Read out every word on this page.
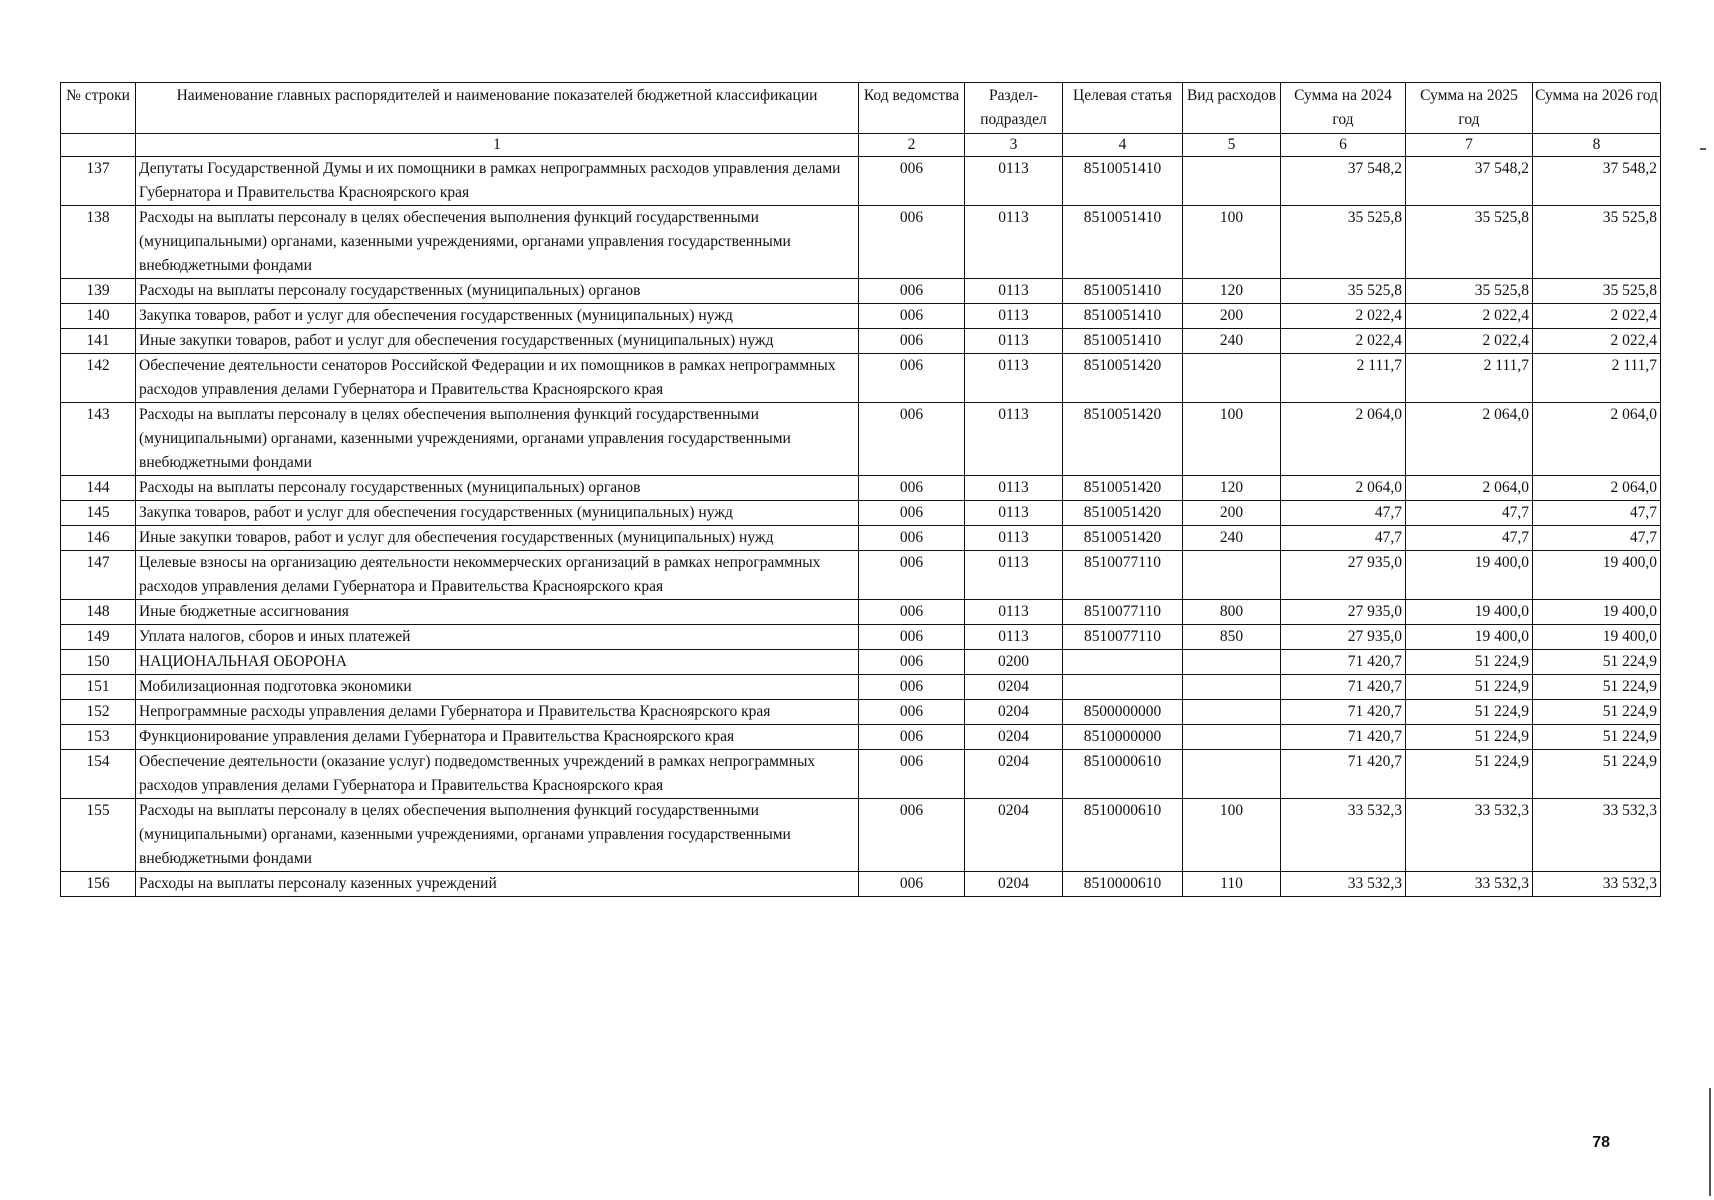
№ строки	Наименование главных распорядителей и наименование показателей бюджетной классификации	Код ведомства	Раздел-подраздел	Целевая статья	Вид расходов	Сумма на 2024 год	Сумма на 2025 год	Сумма на 2026 год
	1	2	3	4	5	6	7	8
137	Депутаты Государственной Думы и их помощники в рамках непрограммных расходов управления делами Губернатора и Правительства Красноярского края	006	0113	8510051410		37 548,2	37 548,2	37 548,2
138	Расходы на выплаты персоналу в целях обеспечения выполнения функций государственными (муниципальными) органами, казенными учреждениями, органами управления государственными внебюджетными фондами	006	0113	8510051410	100	35 525,8	35 525,8	35 525,8
139	Расходы на выплаты персоналу государственных (муниципальных) органов	006	0113	8510051410	120	35 525,8	35 525,8	35 525,8
140	Закупка товаров, работ и услуг для обеспечения государственных (муниципальных) нужд	006	0113	8510051410	200	2 022,4	2 022,4	2 022,4
141	Иные закупки товаров, работ и услуг для обеспечения государственных (муниципальных) нужд	006	0113	8510051410	240	2 022,4	2 022,4	2 022,4
142	Обеспечение деятельности сенаторов Российской Федерации и их помощников в рамках непрограммных расходов управления делами Губернатора и Правительства Красноярского края	006	0113	8510051420		2 111,7	2 111,7	2 111,7
143	Расходы на выплаты персоналу в целях обеспечения выполнения функций государственными (муниципальными) органами, казенными учреждениями, органами управления государственными внебюджетными фондами	006	0113	8510051420	100	2 064,0	2 064,0	2 064,0
144	Расходы на выплаты персоналу государственных (муниципальных) органов	006	0113	8510051420	120	2 064,0	2 064,0	2 064,0
145	Закупка товаров, работ и услуг для обеспечения государственных (муниципальных) нужд	006	0113	8510051420	200	47,7	47,7	47,7
146	Иные закупки товаров, работ и услуг для обеспечения государственных (муниципальных) нужд	006	0113	8510051420	240	47,7	47,7	47,7
147	Целевые взносы на организацию деятельности некоммерческих организаций в рамках непрограммных расходов управления делами Губернатора и Правительства Красноярского края	006	0113	8510077110		27 935,0	19 400,0	19 400,0
148	Иные бюджетные ассигнования	006	0113	8510077110	800	27 935,0	19 400,0	19 400,0
149	Уплата налогов, сборов и иных платежей	006	0113	8510077110	850	27 935,0	19 400,0	19 400,0
150	НАЦИОНАЛЬНАЯ ОБОРОНА	006	0200			71 420,7	51 224,9	51 224,9
151	Мобилизационная подготовка экономики	006	0204			71 420,7	51 224,9	51 224,9
152	Непрограммные расходы управления делами Губернатора и Правительства Красноярского края	006	0204	8500000000		71 420,7	51 224,9	51 224,9
153	Функционирование управления делами Губернатора и Правительства Красноярского края	006	0204	8510000000		71 420,7	51 224,9	51 224,9
154	Обеспечение деятельности (оказание услуг) подведомственных учреждений в рамках непрограммных расходов управления делами Губернатора и Правительства Красноярского края	006	0204	8510000610		71 420,7	51 224,9	51 224,9
155	Расходы на выплаты персоналу в целях обеспечения выполнения функций государственными (муниципальными) органами, казенными учреждениями, органами управления государственными внебюджетными фондами	006	0204	8510000610	100	33 532,3	33 532,3	33 532,3
156	Расходы на выплаты персоналу казенных учреждений	006	0204	8510000610	110	33 532,3	33 532,3	33 532,3
78
